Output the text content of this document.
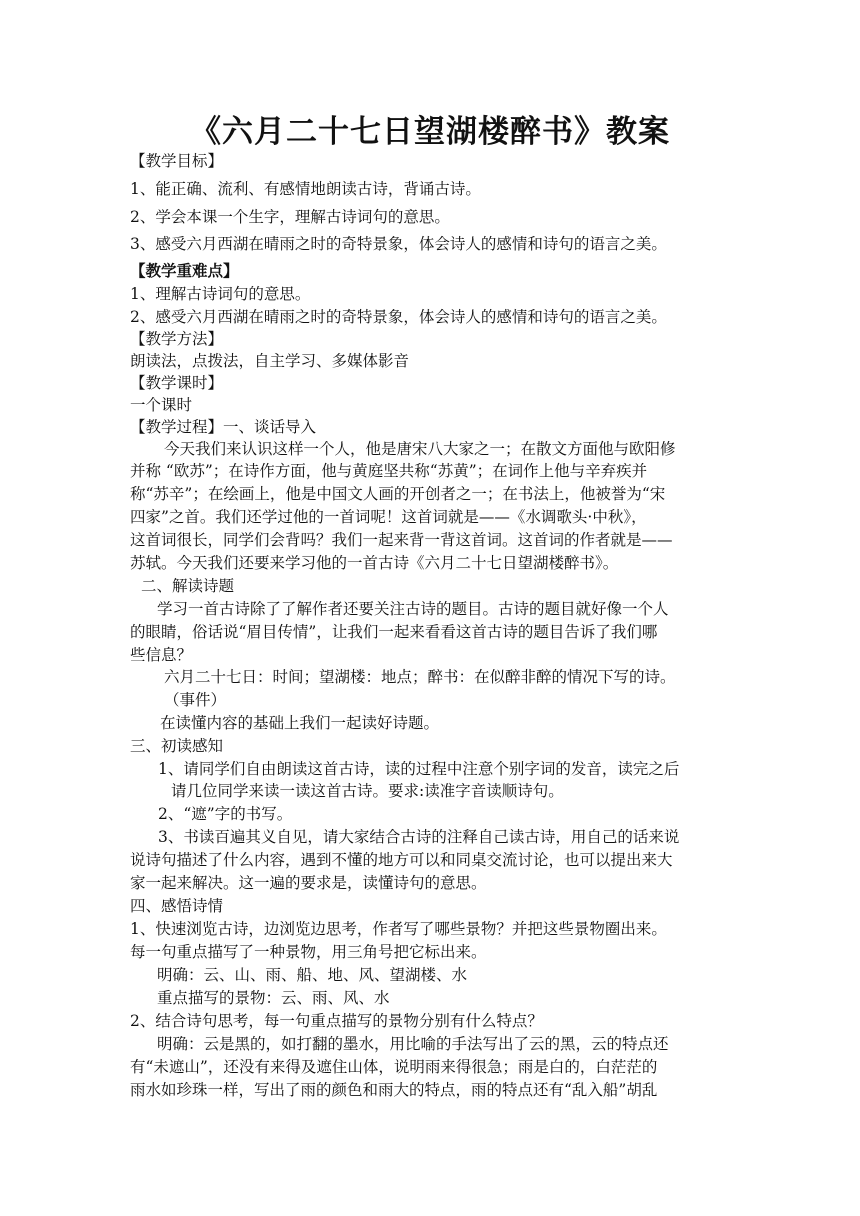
《六月二十七日望湖楼醉书》教案
【教学目标】
1、能正确、流利、有感情地朗读古诗，背诵古诗。
2、学会本课一个生字，理解古诗词句的意思。
3、感受六月西湖在晴雨之时的奇特景象，体会诗人的感情和诗句的语言之美。
【教学重难点】
1、理解古诗词句的意思。
2、感受六月西湖在晴雨之时的奇特景象，体会诗人的感情和诗句的语言之美。
【教学方法】
朗读法，点拨法，自主学习、多媒体影音
【教学课时】
一个课时
【教学过程】一、谈话导入
今天我们来认识这样一个人，他是唐宋八大家之一；在散文方面他与欧阳修
并称 “欧苏”；在诗作方面，他与黄庭坚共称“苏黄”；在词作上他与辛弃疾并
称“苏辛”；在绘画上，他是中国文人画的开创者之一；在书法上，他被誉为“宋
四家”之首。我们还学过他的一首词呢！这首词就是——《水调歌头·中秋》，
这首词很长，同学们会背吗？我们一起来背一背这首词。这首词的作者就是——
苏轼。今天我们还要来学习他的一首古诗《六月二十七日望湖楼醉书》。
二、解读诗题
学习一首古诗除了了解作者还要关注古诗的题目。古诗的题目就好像一个人
的眼睛，俗话说“眉目传情”，让我们一起来看看这首古诗的题目告诉了我们哪
些信息？
六月二十七日：时间；望湖楼：地点；醉书：在似醉非醉的情况下写的诗。
（事件）
在读懂内容的基础上我们一起读好诗题。
三、初读感知
1、请同学们自由朗读这首古诗，读的过程中注意个别字词的发音，读完之后
请几位同学来读一读这首古诗。要求:读准字音读顺诗句。
2、“遮”字的书写。
3、书读百遍其义自见，请大家结合古诗的注释自己读古诗，用自己的话来说
说诗句描述了什么内容，遇到不懂的地方可以和同桌交流讨论，也可以提出来大
家一起来解决。这一遍的要求是，读懂诗句的意思。
四、感悟诗情
1、快速浏览古诗，边浏览边思考，作者写了哪些景物？并把这些景物圈出来。
每一句重点描写了一种景物，用三角号把它标出来。
明确：云、山、雨、船、地、风、望湖楼、水
重点描写的景物：云、雨、风、水
2、结合诗句思考，每一句重点描写的景物分别有什么特点？
明确：云是黑的，如打翻的墨水，用比喻的手法写出了云的黑，云的特点还
有“未遮山”，还没有来得及遮住山体，说明雨来得很急；雨是白的，白茫茫的
雨水如珍珠一样，写出了雨的颜色和雨大的特点，雨的特点还有“乱入船”胡乱
